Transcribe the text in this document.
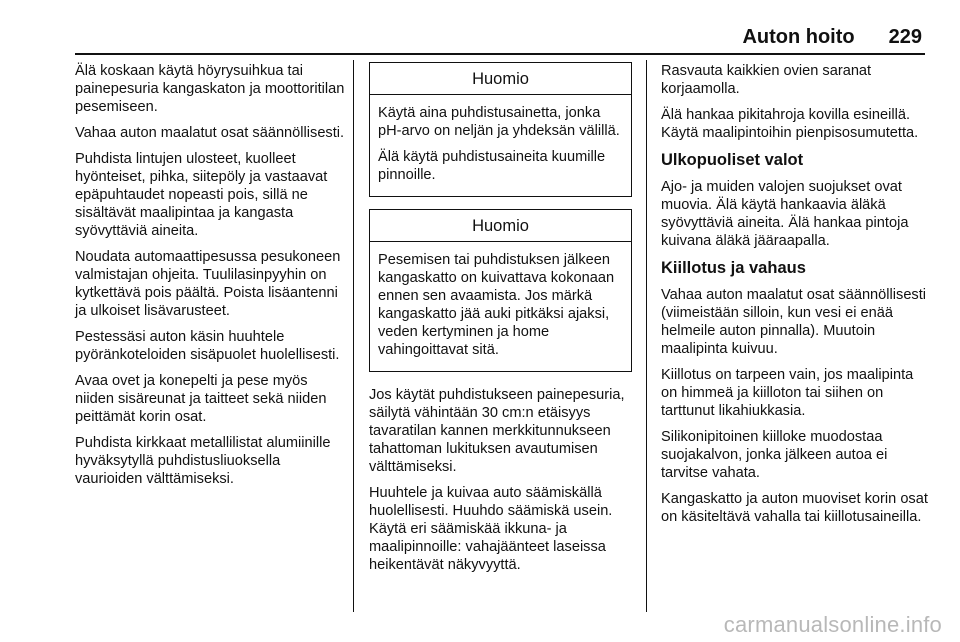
Auton hoito 229

Älä koskaan käytä höyrysuihkua tai painepesuria kangaskaton ja moottoritilan pesemiseen.

Vahaa auton maalatut osat säännöllisesti.

Puhdista lintujen ulosteet, kuolleet hyönteiset, pihka, siitepöly ja vastaavat epäpuhtaudet nopeasti pois, sillä ne sisältävät maalipintaa ja kangasta syövyttäviä aineita.

Noudata automaattipesussa pesukoneen valmistajan ohjeita. Tuulilasinpyyhin on kytkettävä pois päältä. Poista lisäantenni ja ulkoiset lisävarusteet.

Pestessäsi auton käsin huuhtele pyöränkoteloiden sisäpuolet huolellisesti.

Avaa ovet ja konepelti ja pese myös niiden sisäreunat ja taitteet sekä niiden peittämät korin osat.

Puhdista kirkkaat metallilistat alumiinille hyväksytyllä puhdistusliuoksella vaurioiden välttämiseksi.

Huomio

Käytä aina puhdistusainetta, jonka pH-arvo on neljän ja yhdeksän välillä.

Älä käytä puhdistusaineita kuumille pinnoille.

Huomio

Pesemisen tai puhdistuksen jälkeen kangaskatto on kuivattava kokonaan ennen sen avaamista. Jos märkä kangaskatto jää auki pitkäksi ajaksi, veden kertyminen ja home vahingoittavat sitä.

Jos käytät puhdistukseen painepesuria, säilytä vähintään 30 cm:n etäisyys tavaratilan kannen merkkitunnukseen tahattoman lukituksen avautumisen välttämiseksi.

Huuhtele ja kuivaa auto säämiskällä huolellisesti. Huuhdo säämiskä usein. Käytä eri säämiskää ikkuna- ja maalipinnoille: vahajäänteet laseissa heikentävät näkyvyyttä.

Rasvauta kaikkien ovien saranat korjaamolla.

Älä hankaa pikitahroja kovilla esineillä. Käytä maalipintoihin pienpisosumutetta.

Ulkopuoliset valot

Ajo- ja muiden valojen suojukset ovat muovia. Älä käytä hankaavia äläkä syövyttäviä aineita. Älä hankaa pintoja kuivana äläkä jääraapalla.

Kiillotus ja vahaus

Vahaa auton maalatut osat säännöllisesti (viimeistään silloin, kun vesi ei enää helmeile auton pinnalla). Muutoin maalipinta kuivuu.

Kiillotus on tarpeen vain, jos maalipinta on himmeä ja kiilloton tai siihen on tarttunut likahiukkasia.

Silikonipitoinen kiilloke muodostaa suojakalvon, jonka jälkeen autoa ei tarvitse vahata.

Kangaskatto ja auton muoviset korin osat on käsiteltävä vahalla tai kiillotusaineilla.

carmanualsonline.info
